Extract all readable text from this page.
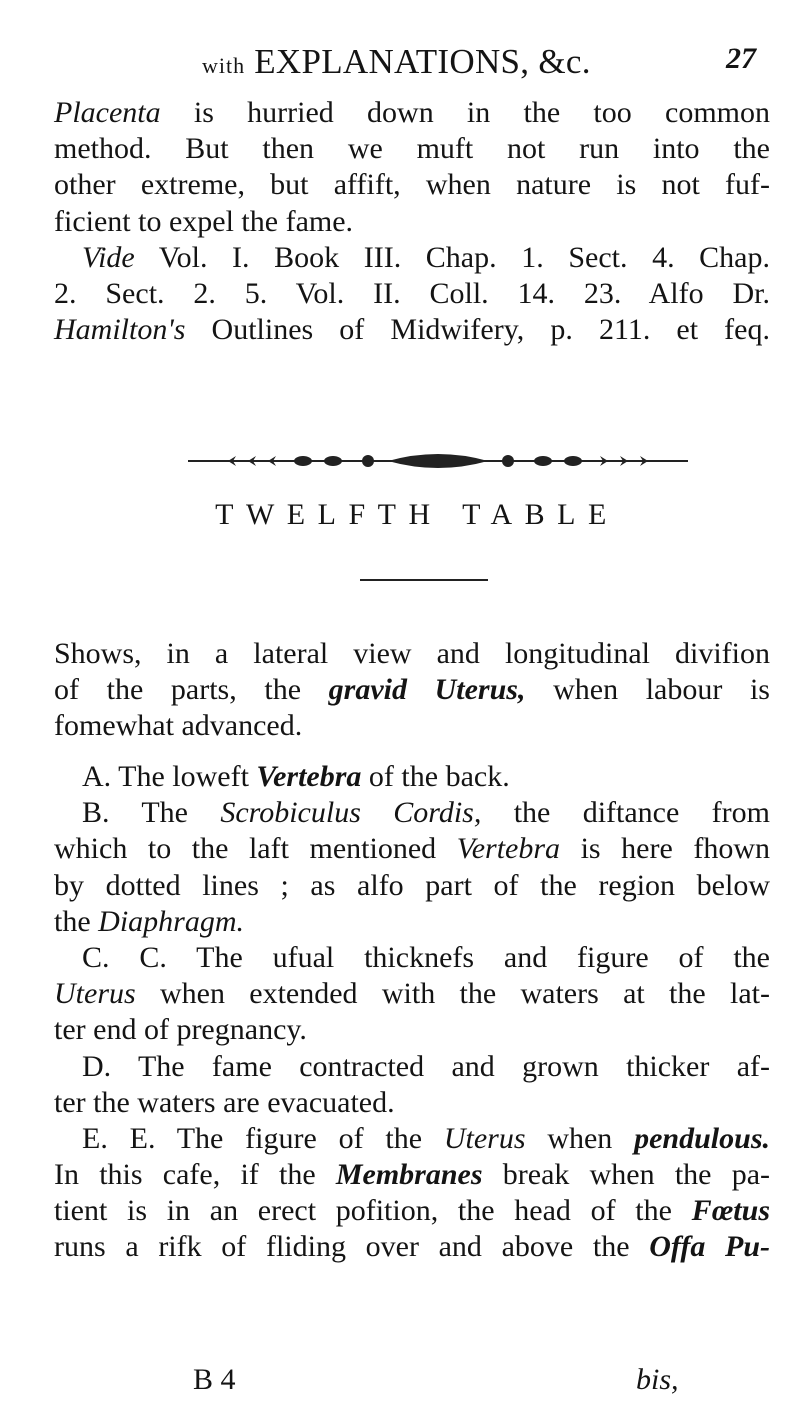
with EXPLANATIONS, &c.	27
Placenta is hurried down in the too common
method. But then we muft not run into the
other extreme, but affift, when nature is not fuf-
ficient to expel the fame.
Vide Vol. I. Book III. Chap. 1. Sect. 4. Chap.
2. Sect. 2. 5. Vol. II. Coll. 14. 23. Alfo Dr.
Hamilton's Outlines of Midwifery, p. 211. et feq.
TWELFTH TABLE
Shows, in a lateral view and longitudinal divifion
of the parts, the gravid Uterus, when labour is
fomewhat advanced.
A. The loweft Vertebra of the back.
B. The Scrobiculus Cordis, the diftance from
which to the laft mentioned Vertebra is here fhown
by dotted lines ; as alfo part of the region below
the Diaphragm.
C. C. The ufual thicknefs and figure of the
Uterus when extended with the waters at the lat-
ter end of pregnancy.
D. The fame contracted and grown thicker af-
ter the waters are evacuated.
E. E. The figure of the Uterus when pendulous.
In this cafe, if the Membranes break when the pa-
tient is in an erect pofition, the head of the Fœtus
runs a rifk of fliding over and above the Offa Pu-
B 4	bis,
